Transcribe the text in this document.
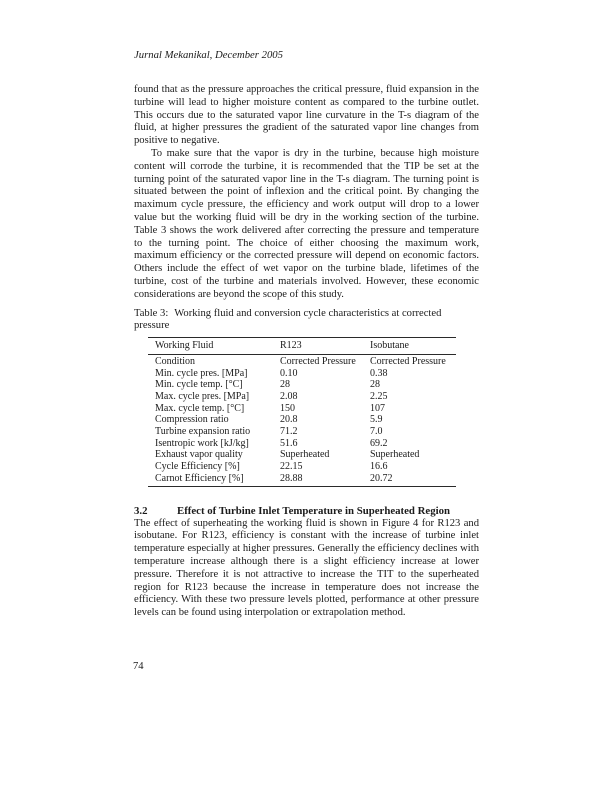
Jurnal Mekanikal, December 2005

found that as the pressure approaches the critical pressure, fluid expansion in the turbine will lead to higher moisture content as compared to the turbine outlet. This occurs due to the saturated vapor line curvature in the T-s diagram of the fluid, at higher pressures the gradient of the saturated vapor line changes from positive to negative.

To make sure that the vapor is dry in the turbine, because high moisture content will corrode the turbine, it is recommended that the TIP be set at the turning point of the saturated vapor line in the T-s diagram. The turning point is situated between the point of inflexion and the critical point. By changing the maximum cycle pressure, the efficiency and work output will drop to a lower value but the working fluid will be dry in the working section of the turbine. Table 3 shows the work delivered after correcting the pressure and temperature to the turning point. The choice of either choosing the maximum work, maximum efficiency or the corrected pressure will depend on economic factors. Others include the effect of wet vapor on the turbine blade, lifetimes of the turbine, cost of the turbine and materials involved. However, these economic considerations are beyond the scope of this study.

Table 3: Working fluid and conversion cycle characteristics at corrected pressure
Working Fluid	R123	Isobutane
Condition	Corrected Pressure	Corrected Pressure
Min. cycle pres. [MPa]	0.10	0.38
Min. cycle temp. [°C]	28	28
Max. cycle pres. [MPa]	2.08	2.25
Max. cycle temp. [°C]	150	107
Compression ratio	20.8	5.9
Turbine expansion ratio	71.2	7.0
Isentropic work [kJ/kg]	51.6	69.2
Exhaust vapor quality	Superheated	Superheated
Cycle Efficiency [%]	22.15	16.6
Carnot Efficiency [%]	28.88	20.72
3.2	Effect of Turbine Inlet Temperature in Superheated Region

The effect of superheating the working fluid is shown in Figure 4 for R123 and isobutane. For R123, efficiency is constant with the increase of turbine inlet temperature especially at higher pressures. Generally the efficiency declines with temperature increase although there is a slight efficiency increase at lower pressure. Therefore it is not attractive to increase the TIT to the superheated region for R123 because the increase in temperature does not increase the efficiency. With these two pressure levels plotted, performance at other pressure levels can be found using interpolation or extrapolation method.

74
